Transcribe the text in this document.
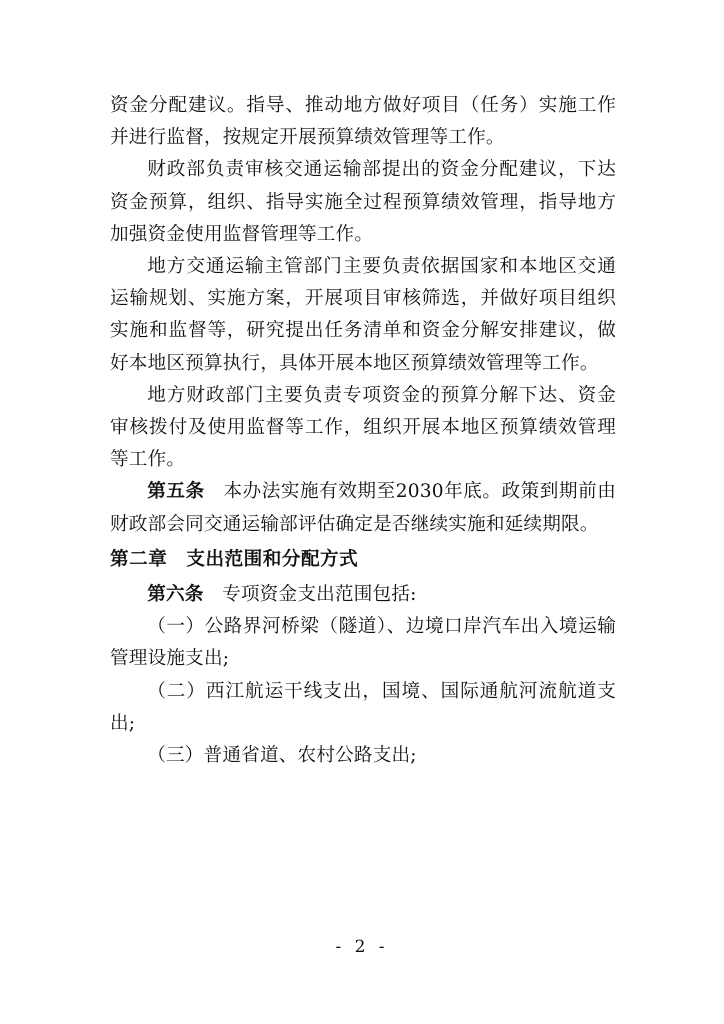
资金分配建议。指导、推动地方做好项目（任务）实施工作并进行监督，按规定开展预算绩效管理等工作。

财政部负责审核交通运输部提出的资金分配建议，下达资金预算，组织、指导实施全过程预算绩效管理，指导地方加强资金使用监督管理等工作。

地方交通运输主管部门主要负责依据国家和本地区交通运输规划、实施方案，开展项目审核筛选，并做好项目组织实施和监督等，研究提出任务清单和资金分解安排建议，做好本地区预算执行，具体开展本地区预算绩效管理等工作。

地方财政部门主要负责专项资金的预算分解下达、资金审核拨付及使用监督等工作，组织开展本地区预算绩效管理等工作。

第五条 本办法实施有效期至2030年底。政策到期前由财政部会同交通运输部评估确定是否继续实施和延续期限。

第二章　支出范围和分配方式

第六条 专项资金支出范围包括:

（一）公路界河桥梁（隧道）、边境口岸汽车出入境运输管理设施支出;

（二）西江航运干线支出，国境、国际通航河流航道支出;

（三）普通省道、农村公路支出;

- 2 -
